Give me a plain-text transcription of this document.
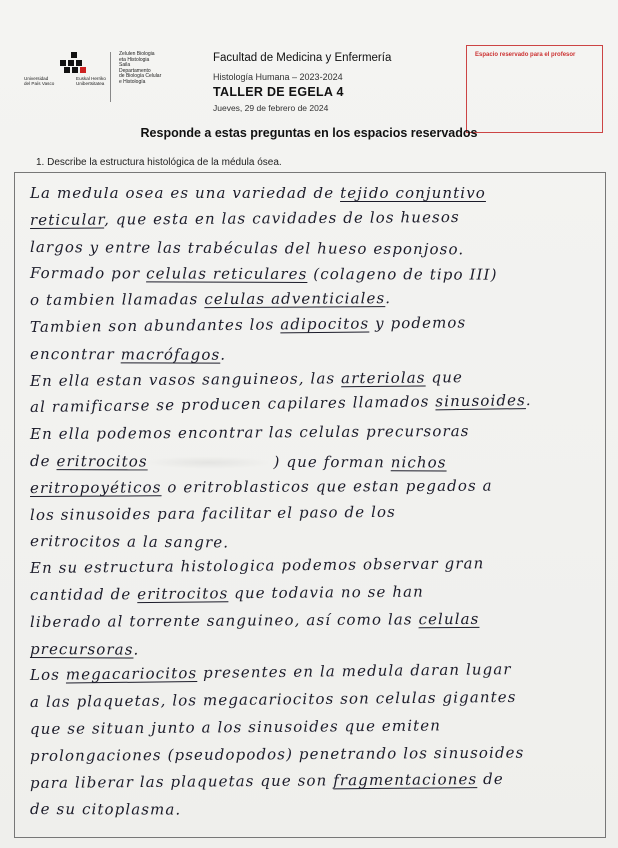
Universidad
del País Vasco
Euskal Herriko
Unibertsitatea
Zelulen Biologia
eta Histologia
Saila
Departamento
de Biología Celular
e Histología
Facultad de Medicina y Enfermería
Histología Humana – 2023-2024
TALLER DE EGELA 4
Jueves, 29 de febrero de 2024
Espacio reservado para el profesor
Responde a estas preguntas en los espacios reservados
1. Describe la estructura histológica de la médula ósea.
La medula osea es una variedad de tejido conjuntivo
reticular, que esta en las cavidades de los huesos
largos y entre las trabéculas del hueso esponjoso.
Formado por celulas reticulares (colageno de tipo III)
o tambien llamadas celulas adventiciales.
Tambien son abundantes los adipocitos y podemos
encontrar macrófagos.
En ella estan vasos sanguineos, las arteriolas que
al ramificarse se producen capilares llamados sinusoides.
En ella podemos encontrar las celulas precursoras
de eritrocitos	) que forman nichos
eritropoyéticos o eritroblasticos que estan pegados a
los sinusoides para facilitar el paso de los
eritrocitos a la sangre.
En su estructura histologica podemos observar gran
cantidad de eritrocitos que todavia no se han
liberado al torrente sanguineo, así como las celulas
precursoras.
Los megacariocitos presentes en la medula daran lugar
a las plaquetas, los megacariocitos son celulas gigantes
que se situan junto a los sinusoides que emiten
prolongaciones (pseudopodos) penetrando los sinusoides
para liberar las plaquetas que son fragmentaciones de
de su citoplasma.
